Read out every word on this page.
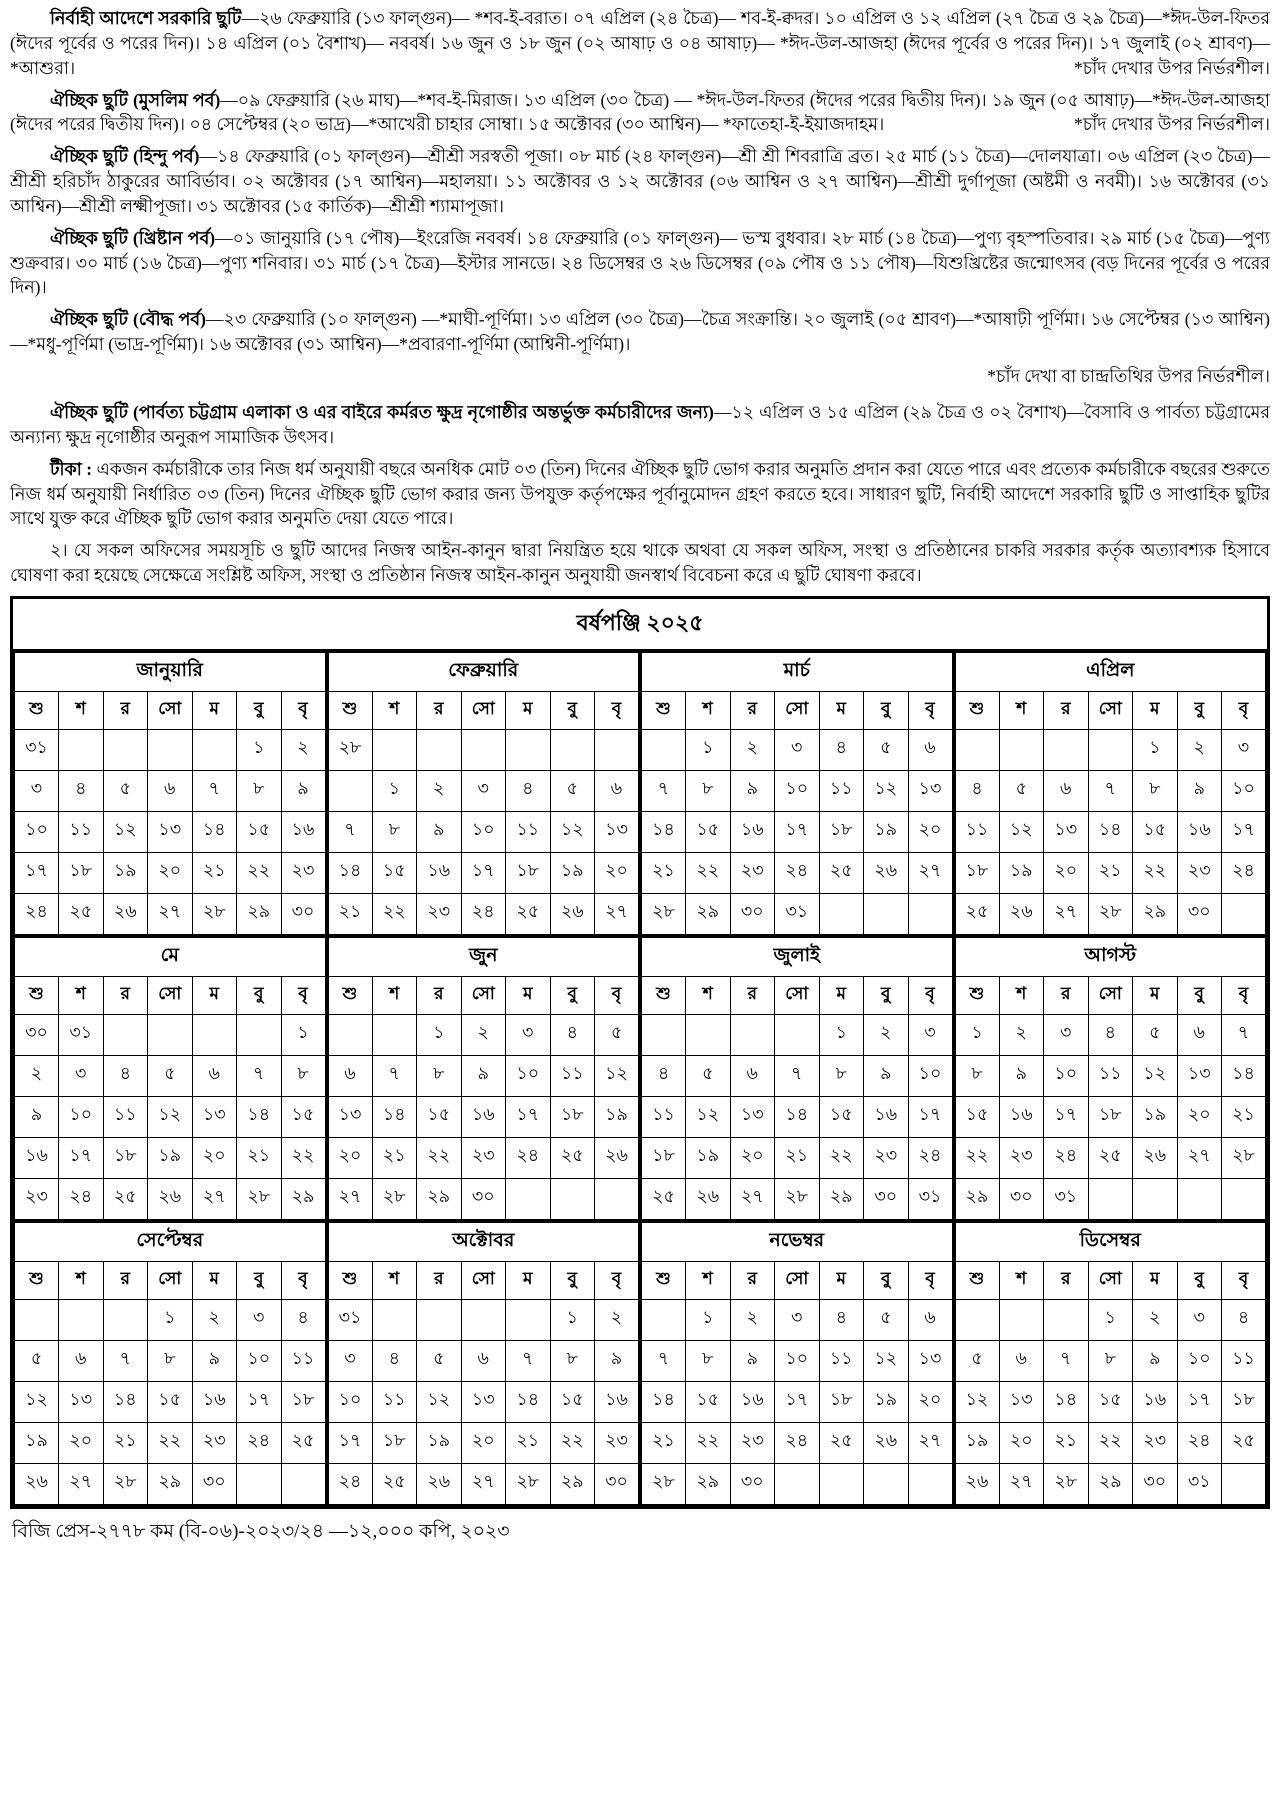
নির্বাহী আদেশে সরকারি ছুটি—২৬ ফেব্রুয়ারি (১৩ ফাল্গুন)— *শব-ই-বরাত। ০৭ এপ্রিল (২৪ চৈত্র)— শব-ই-ক্বদর। ১০ এপ্রিল ও ১২ এপ্রিল (২৭ চৈত্র ও ২৯ চৈত্র)—*ঈদ-উল-ফিতর (ঈদের পূর্বের ও পরের দিন)। ১৪ এপ্রিল (০১ বৈশাখ)— নববর্ষ। ১৬ জুন ও ১৮ জুন (০২ আষাঢ় ও ০৪ আষাঢ়)— *ঈদ-উল-আজহা (ঈদের পূর্বের ও পরের দিন)। ১৭ জুলাই (০২ শ্রাবণ)— *আশুরা।	*চাঁদ দেখার উপর নির্ভরশীল।

ঐচ্ছিক ছুটি (মুসলিম পর্ব)—০৯ ফেব্রুয়ারি (২৬ মাঘ)—*শব-ই-মিরাজ। ১৩ এপ্রিল (৩০ চৈত্র) — *ঈদ-উল-ফিতর (ঈদের পরের দ্বিতীয় দিন)। ১৯ জুন (০৫ আষাঢ়)—*ঈদ-উল-আজহা (ঈদের পরের দ্বিতীয় দিন)। ০৪ সেপ্টেম্বর (২০ ভাদ্র)—*আখেরী চাহার সোম্বা। ১৫ অক্টোবর (৩০ আশ্বিন)— *ফাতেহা-ই-ইয়াজদাহম।	*চাঁদ দেখার উপর নির্ভরশীল।

ঐচ্ছিক ছুটি (হিন্দু পর্ব)—১৪ ফেব্রুয়ারি (০১ ফাল্গুন)—শ্রীশ্রী সরস্বতী পূজা। ০৮ মার্চ (২৪ ফাল্গুন)—শ্রী শ্রী শিবরাত্রি ব্রত। ২৫ মার্চ (১১ চৈত্র)—দোলযাত্রা। ০৬ এপ্রিল (২৩ চৈত্র)—শ্রীশ্রী হরিচাঁদ ঠাকুরের আবির্ভাব। ০২ অক্টোবর (১৭ আশ্বিন)—মহালয়া। ১১ অক্টোবর ও ১২ অক্টোবর (০৬ আশ্বিন ও ২৭ আশ্বিন)—শ্রীশ্রী দুর্গাপূজা (অষ্টমী ও নবমী)। ১৬ অক্টোবর (৩১ আশ্বিন)—শ্রীশ্রী লক্ষ্মীপূজা। ৩১ অক্টোবর (১৫ কার্তিক)—শ্রীশ্রী শ্যামাপূজা।

ঐচ্ছিক ছুটি (খ্রিষ্টান পর্ব)—০১ জানুয়ারি (১৭ পৌষ)—ইংরেজি নববর্ষ। ১৪ ফেব্রুয়ারি (০১ ফাল্গুন)— ভস্ম বুধবার। ২৮ মার্চ (১৪ চৈত্র)—পুণ্য বৃহস্পতিবার। ২৯ মার্চ (১৫ চৈত্র)—পুণ্য শুক্রবার। ৩০ মার্চ (১৬ চৈত্র)—পুণ্য শনিবার। ৩১ মার্চ (১৭ চৈত্র)—ইস্টার সানডে। ২৪ ডিসেম্বর ও ২৬ ডিসেম্বর (০৯ পৌষ ও ১১ পৌষ)—যিশুখ্রিষ্টের জন্মোৎসব (বড় দিনের পূর্বের ও পরের দিন)।

ঐচ্ছিক ছুটি (বৌদ্ধ পর্ব)—২৩ ফেব্রুয়ারি (১০ ফাল্গুন) —*মাঘী-পূর্ণিমা। ১৩ এপ্রিল (৩০ চৈত্র)—চৈত্র সংক্রান্তি। ২০ জুলাই (০৫ শ্রাবণ)—*আষাঢ়ী পূর্ণিমা। ১৬ সেপ্টেম্বর (১৩ আশ্বিন)—*মধু-পূর্ণিমা (ভাদ্র-পূর্ণিমা)। ১৬ অক্টোবর (৩১ আশ্বিন)—*প্রবারণা-পূর্ণিমা (আশ্বিনী-পূর্ণিমা)।

*চাঁদ দেখা বা চান্দ্রতিথির উপর নির্ভরশীল।

ঐচ্ছিক ছুটি (পার্বত্য চট্টগ্রাম এলাকা ও এর বাইরে কর্মরত ক্ষুদ্র নৃগোষ্ঠীর অন্তর্ভুক্ত কর্মচারীদের জন্য)—১২ এপ্রিল ও ১৫ এপ্রিল (২৯ চৈত্র ও ০২ বৈশাখ)—বৈসাবি ও পার্বত্য চট্টগ্রামের অন্যান্য ক্ষুদ্র নৃগোষ্ঠীর অনুরূপ সামাজিক উৎসব।

টীকা : একজন কর্মচারীকে তার নিজ ধর্ম অনুযায়ী বছরে অনধিক মোট ০৩ (তিন) দিনের ঐচ্ছিক ছুটি ভোগ করার অনুমতি প্রদান করা যেতে পারে এবং প্রত্যেক কর্মচারীকে বছরের শুরুতে নিজ ধর্ম অনুযায়ী নির্ধারিত ০৩ (তিন) দিনের ঐচ্ছিক ছুটি ভোগ করার জন্য উপযুক্ত কর্তৃপক্ষের পূর্বানুমোদন গ্রহণ করতে হবে। সাধারণ ছুটি, নির্বাহী আদেশে সরকারি ছুটি ও সাপ্তাহিক ছুটির সাথে যুক্ত করে ঐচ্ছিক ছুটি ভোগ করার অনুমতি দেয়া যেতে পারে।

২। যে সকল অফিসের সময়সূচি ও ছুটি আদের নিজস্ব আইন-কানুন দ্বারা নিয়ন্ত্রিত হয়ে থাকে অথবা যে সকল অফিস, সংস্থা ও প্রতিষ্ঠানের চাকরি সরকার কর্তৃক অত্যাবশ্যক হিসাবে ঘোষণা করা হয়েছে সেক্ষেত্রে সংশ্লিষ্ট অফিস, সংস্থা ও প্রতিষ্ঠান নিজস্ব আইন-কানুন অনুযায়ী জনস্বার্থ বিবেচনা করে এ ছুটি ঘোষণা করবে।

বর্ষপঞ্জি ২০২৫
জানুয়ারি						
শু	শ	র	সো	ম	বু	বৃ
৩১					১	২
৩	৪	৫	৬	৭	৮	৯
১০	১১	১২	১৩	১৪	১৫	১৬
১৭	১৮	১৯	২০	২১	২২	২৩
২৪	২৫	২৬	২৭	২৮	২৯	৩০
ফেব্রুয়ারি						
শু	শ	র	সো	ম	বু	বৃ
২৮						
	১	২	৩	৪	৫	৬
৭	৮	৯	১০	১১	১২	১৩
১৪	১৫	১৬	১৭	১৮	১৯	২০
২১	২২	২৩	২৪	২৫	২৬	২৭
মার্চ						
শু	শ	র	সো	ম	বু	বৃ
	১	২	৩	৪	৫	৬
৭	৮	৯	১০	১১	১২	১৩
১৪	১৫	১৬	১৭	১৮	১৯	২০
২১	২২	২৩	২৪	২৫	২৬	২৭
২৮	২৯	৩০	৩১			
এপ্রিল						
শু	শ	র	সো	ম	বু	বৃ
				১	২	৩
৪	৫	৬	৭	৮	৯	১০
১১	১২	১৩	১৪	১৫	১৬	১৭
১৮	১৯	২০	২১	২২	২৩	২৪
২৫	২৬	২৭	২৮	২৯	৩০	
মে						
শু	শ	র	সো	ম	বু	বৃ
৩০	৩১					১
২	৩	৪	৫	৬	৭	৮
৯	১০	১১	১২	১৩	১৪	১৫
১৬	১৭	১৮	১৯	২০	২১	২২
২৩	২৪	২৫	২৬	২৭	২৮	২৯
জুন						
শু	শ	র	সো	ম	বু	বৃ
		১	২	৩	৪	৫
৬	৭	৮	৯	১০	১১	১২
১৩	১৪	১৫	১৬	১৭	১৮	১৯
২০	২১	২২	২৩	২৪	২৫	২৬
২৭	২৮	২৯	৩০			
জুলাই						
শু	শ	র	সো	ম	বু	বৃ
				১	২	৩
৪	৫	৬	৭	৮	৯	১০
১১	১২	১৩	১৪	১৫	১৬	১৭
১৮	১৯	২০	২১	২২	২৩	২৪
২৫	২৬	২৭	২৮	২৯	৩০	৩১
আগস্ট						
শু	শ	র	সো	ম	বু	বৃ
১	২	৩	৪	৫	৬	৭
৮	৯	১০	১১	১২	১৩	১৪
১৫	১৬	১৭	১৮	১৯	২০	২১
২২	২৩	২৪	২৫	২৬	২৭	২৮
২৯	৩০	৩১				
সেপ্টেম্বর						
শু	শ	র	সো	ম	বু	বৃ
			১	২	৩	৪
৫	৬	৭	৮	৯	১০	১১
১২	১৩	১৪	১৫	১৬	১৭	১৮
১৯	২০	২১	২২	২৩	২৪	২৫
২৬	২৭	২৮	২৯	৩০		
অক্টোবর						
শু	শ	র	সো	ম	বু	বৃ
৩১					১	২
৩	৪	৫	৬	৭	৮	৯
১০	১১	১২	১৩	১৪	১৫	১৬
১৭	১৮	১৯	২০	২১	২২	২৩
২৪	২৫	২৬	২৭	২৮	২৯	৩০
নভেম্বর						
শু	শ	র	সো	ম	বু	বৃ
	১	২	৩	৪	৫	৬
৭	৮	৯	১০	১১	১২	১৩
১৪	১৫	১৬	১৭	১৮	১৯	২০
২১	২২	২৩	২৪	২৫	২৬	২৭
২৮	২৯	৩০				
ডিসেম্বর						
শু	শ	র	সো	ম	বু	বৃ
			১	২	৩	৪
৫	৬	৭	৮	৯	১০	১১
১২	১৩	১৪	১৫	১৬	১৭	১৮
১৯	২০	২১	২২	২৩	২৪	২৫
২৬	২৭	২৮	২৯	৩০	৩১	
বিজি প্রেস-২৭৭৮ কম (বি-০৬)-২০২৩/২৪ —১২,০০০ কপি, ২০২৩
